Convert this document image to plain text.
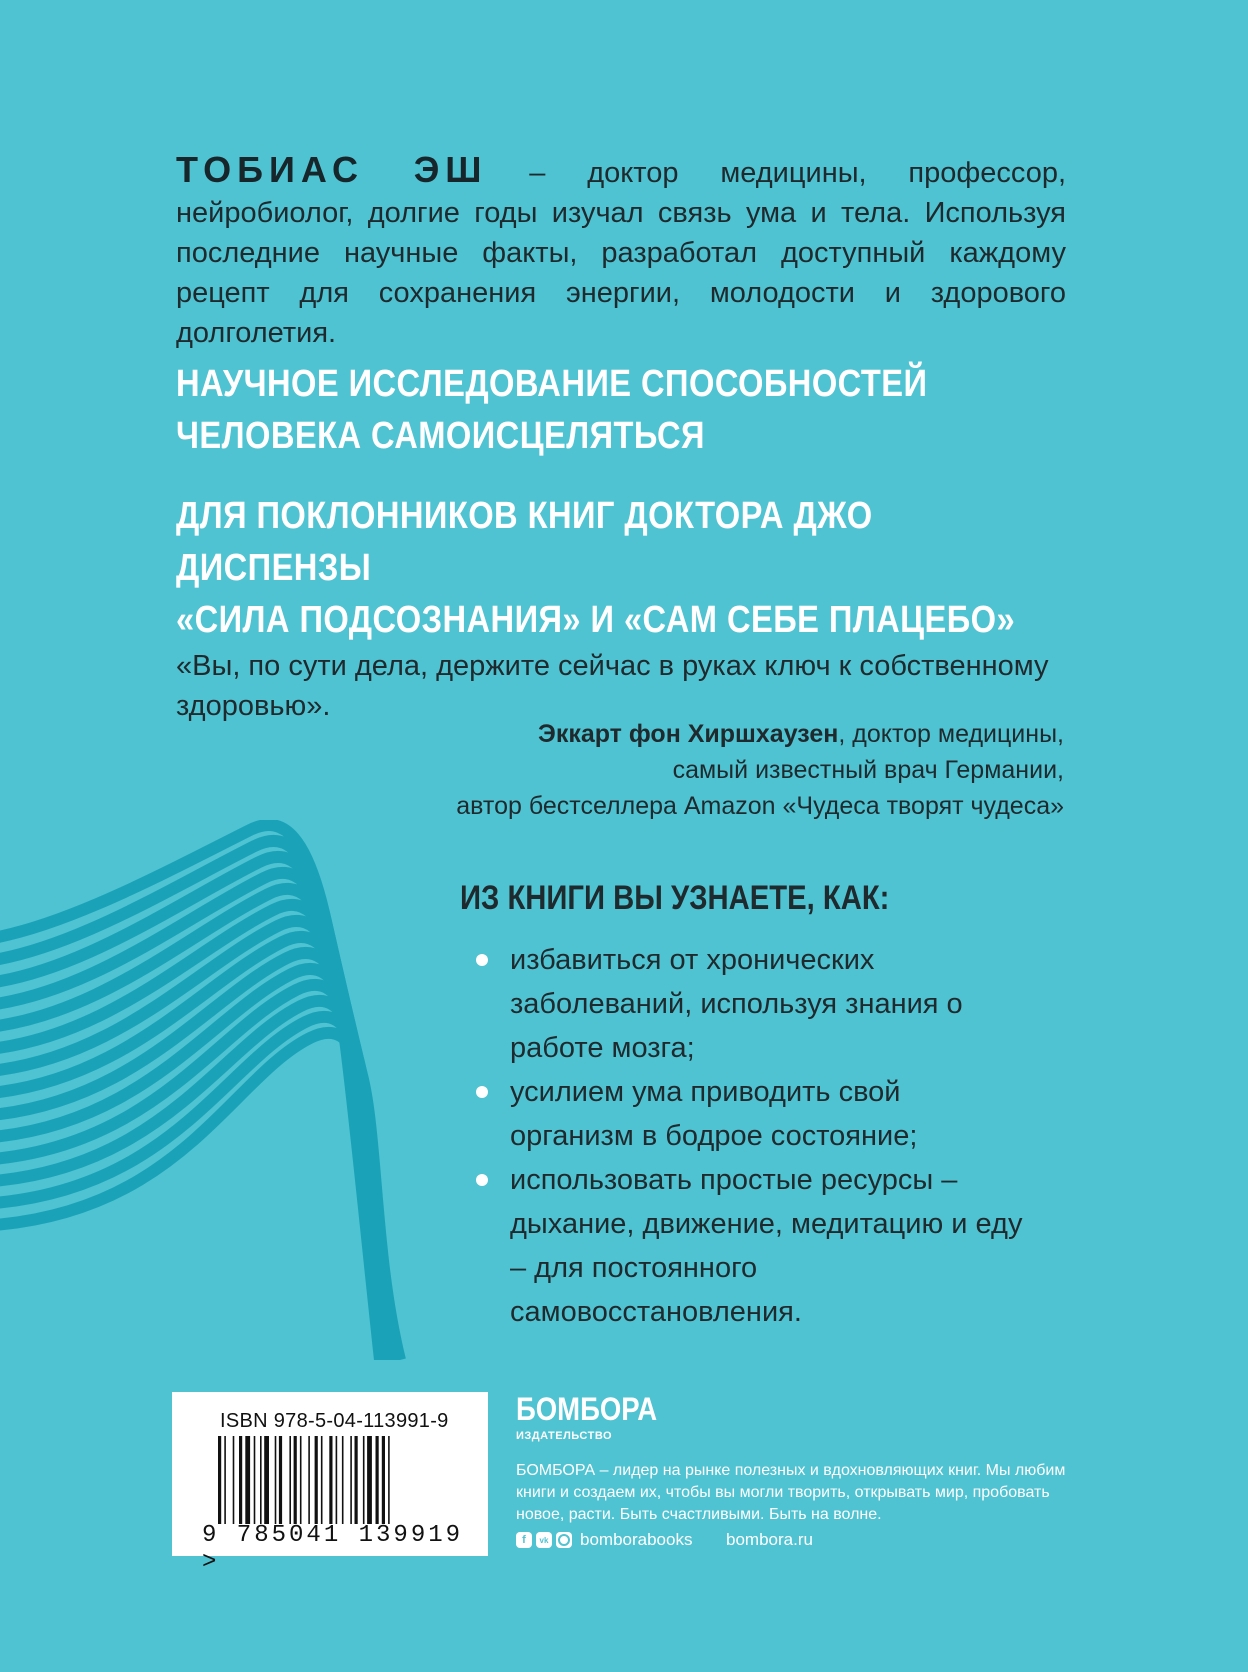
ТОБИАС ЭШ – доктор медицины, профессор, нейробиолог, долгие годы изучал связь ума и тела. Используя последние научные факты, разработал доступный каждому рецепт для сохранения энергии, молодости и здорового долголетия.

НАУЧНОЕ ИССЛЕДОВАНИЕ СПОСОБНОСТЕЙ
ЧЕЛОВЕКА САМОИСЦЕЛЯТЬСЯ
ДЛЯ ПОКЛОННИКОВ КНИГ ДОКТОРА ДЖО ДИСПЕНЗЫ
«СИЛА ПОДСОЗНАНИЯ» И «САМ СЕБЕ ПЛАЦЕБО»

«Вы, по сути дела, держите сейчас в руках ключ к собственному здоровью».

Эккарт фон Хиршхаузен, доктор медицины,
самый известный врач Германии,
автор бестселлера Amazon «Чудеса творят чудеса»
ИЗ КНИГИ ВЫ УЗНАЕТЕ, КАК:
избавиться от хронических заболеваний, используя знания о работе мозга;
усилием ума приводить свой организм в бодрое состояние;
использовать простые ресурсы – дыхание, движение, медитацию и еду – для постоянного самовосстановления.
ISBN 978-5-04-113991-9
9 785041 139919 >
БОМБОРА
ИЗДАТЕЛЬСТВО

БОМБОРА – лидер на рынке полезных и вдохновляющих книг. Мы любим книги и создаем их, чтобы вы могли творить, открывать мир, пробовать новое, расти. Быть счастливыми. Быть на волне.

f	vk bomborabooks bombora.ru
